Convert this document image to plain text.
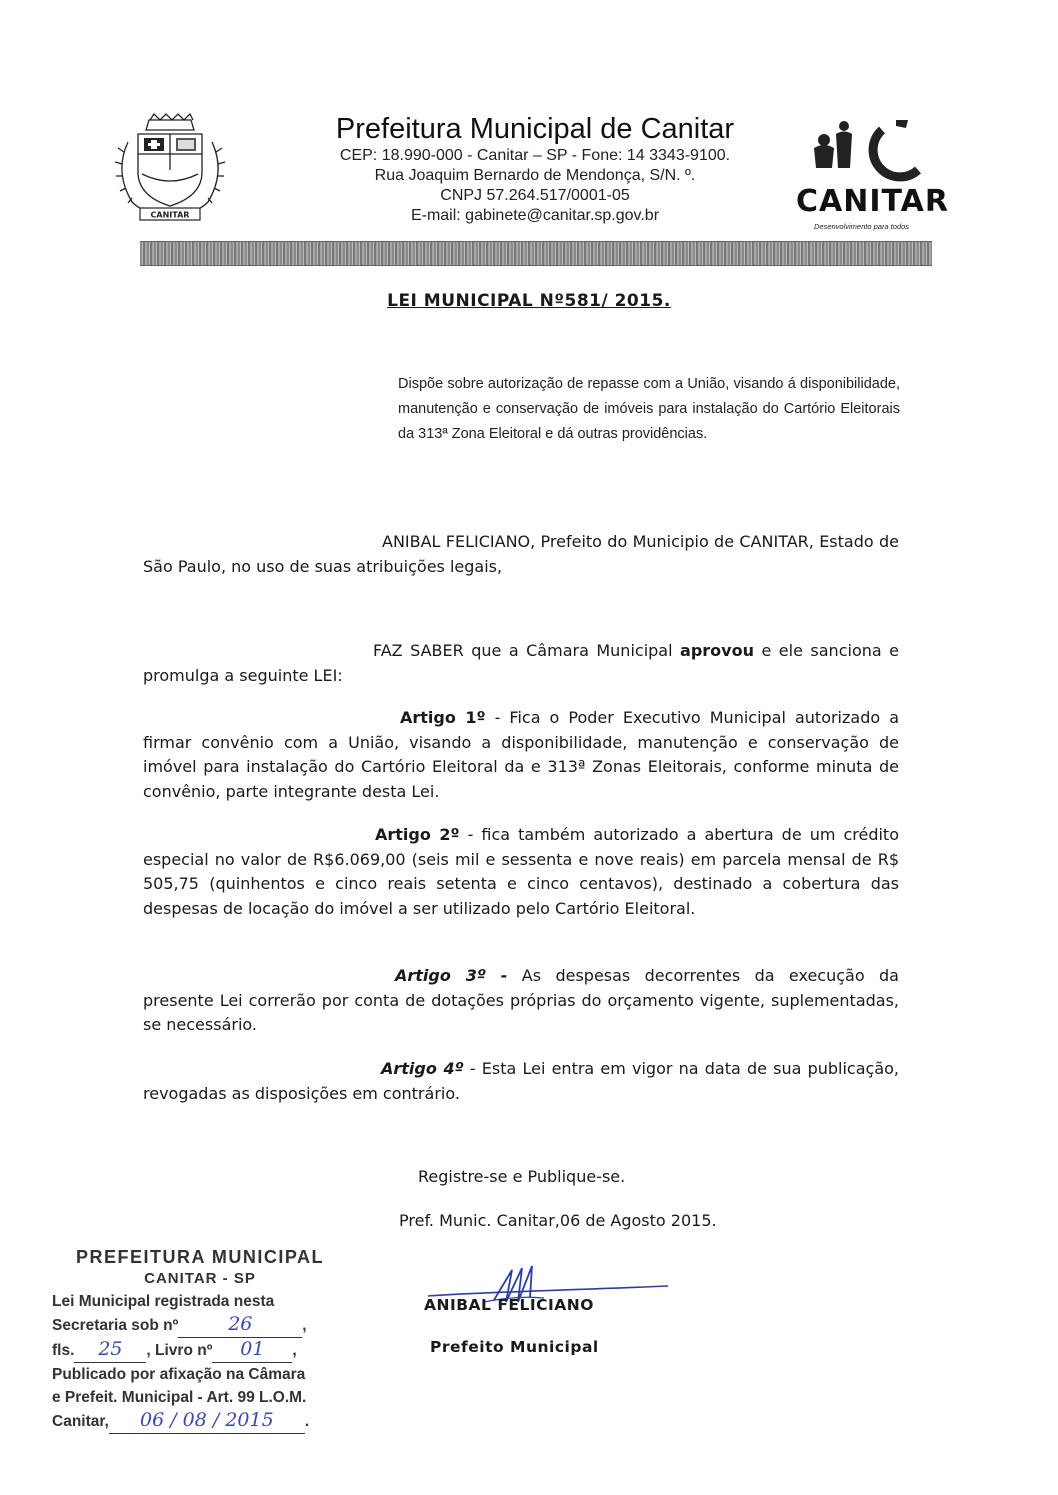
CANITAR
Prefeitura Municipal de Canitar
CEP: 18.990-000 - Canitar – SP - Fone: 14 3343-9100.
Rua Joaquim Bernardo de Mendonça, S/N. º.
CNPJ 57.264.517/0001-05
E-mail: gabinete@canitar.sp.gov.br	CANITAR
Desenvolvimento para todos
LEI MUNICIPAL Nº581/ 2015.
Dispõe sobre autorização de repasse com a União, visando á disponibilidade, manutenção e conservação de imóveis para instalação do Cartório Eleitorais da 313ª Zona Eleitoral e dá outras providências.
ANIBAL FELICIANO, Prefeito do Municipio de CANITAR, Estado de São Paulo, no uso de suas atribuições legais,
FAZ SABER que a Câmara Municipal aprovou e ele sanciona e promulga a seguinte LEI:
Artigo 1º - Fica o Poder Executivo Municipal autorizado a firmar convênio com a União, visando a disponibilidade, manutenção e conservação de imóvel para instalação do Cartório Eleitoral da e 313ª Zonas Eleitorais, conforme minuta de convênio, parte integrante desta Lei.
Artigo 2º - fica também autorizado a abertura de um crédito especial no valor de R$6.069,00 (seis mil e sessenta e nove reais) em parcela mensal de R$ 505,75 (quinhentos e cinco reais setenta e cinco centavos), destinado a cobertura das despesas de locação do imóvel a ser utilizado pelo Cartório Eleitoral.
Artigo 3º - As despesas decorrentes da execução da presente Lei correrão por conta de dotações próprias do orçamento vigente, suplementadas, se necessário.
Artigo 4º - Esta Lei entra em vigor na data de sua publicação, revogadas as disposições em contrário.
Registre-se e Publique-se.
Pref. Munic. Canitar,06 de Agosto 2015.
ANIBAL FELICIANO
Prefeito Municipal
PREFEITURA MUNICIPAL
CANITAR - SP
Lei Municipal registrada nesta
Secretaria sob nº	26	,
fls. 25 , Livro nº 01 ,
Publicado por afixação na Câmara
e Prefeit. Municipal - Art. 99 L.O.M.
Canitar, 06 / 08 / 2015 .
